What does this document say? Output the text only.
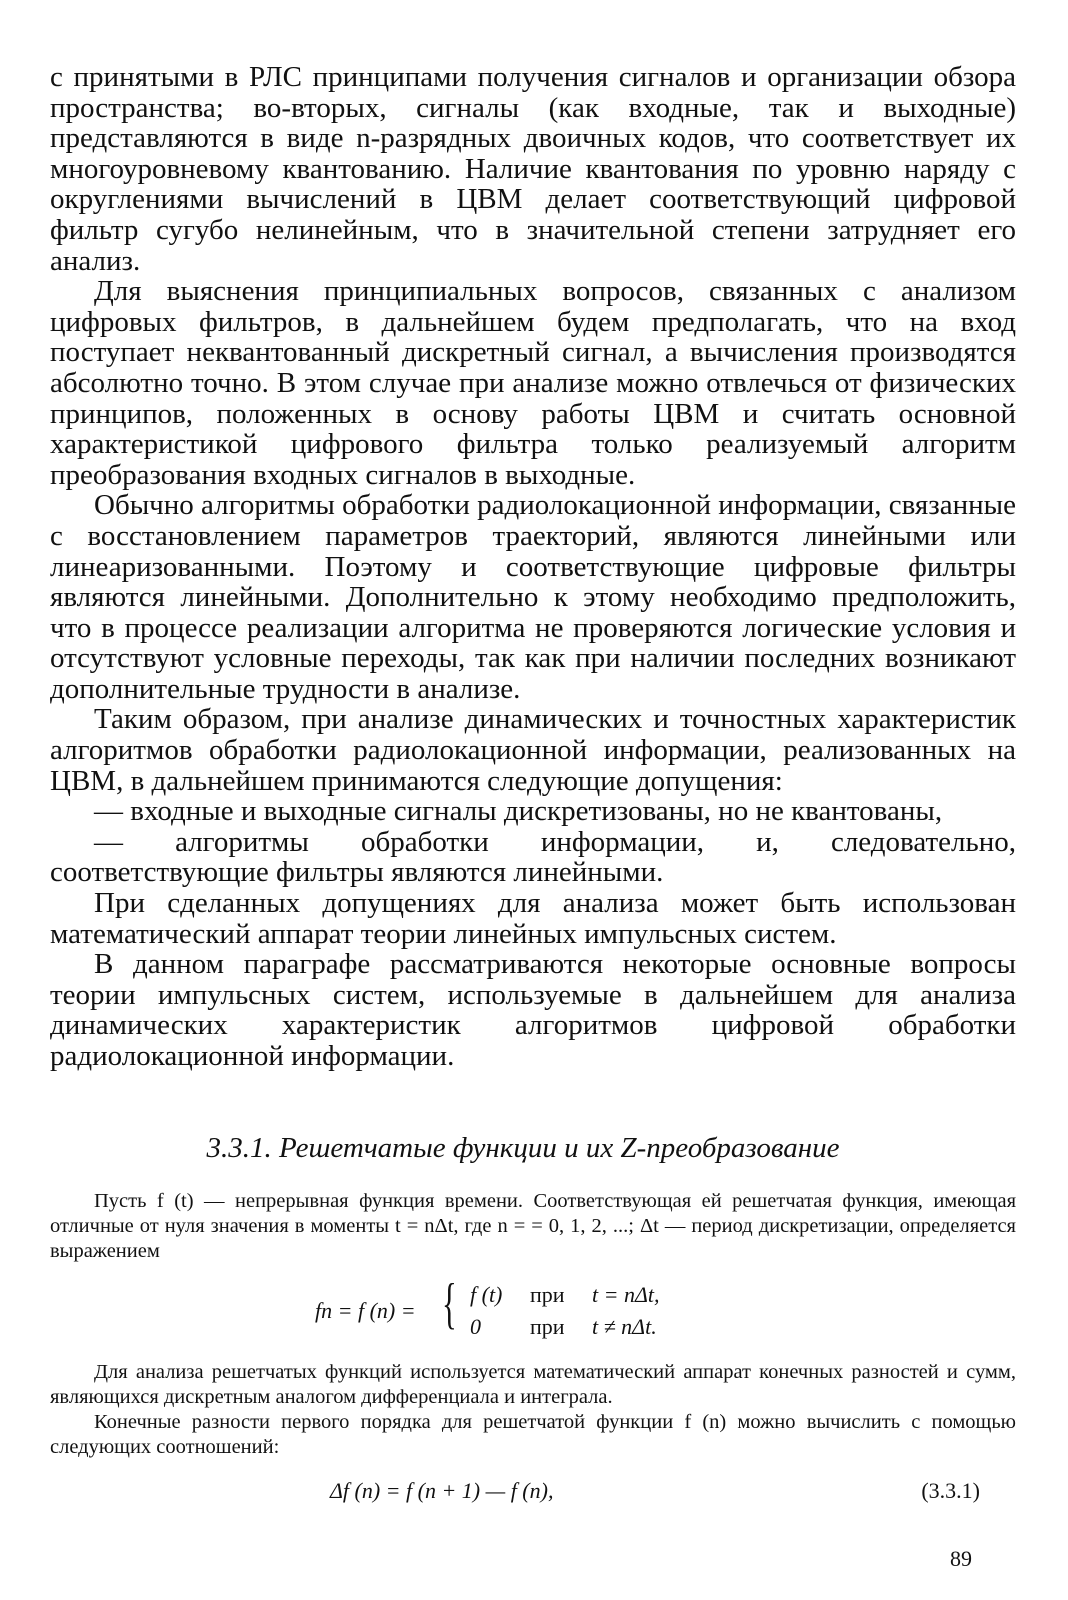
с принятыми в РЛС принципами получения сигналов и организации обзора пространства; во-вторых, сигналы (как входные, так и выходные) представляются в виде n-разрядных двоичных кодов, что соответствует их многоуровневому квантованию. Наличие квантования по уровню наряду с округлениями вычислений в ЦВМ делает соответствующий цифровой фильтр сугубо нелинейным, что в значительной степени затрудняет его анализ.

Для выяснения принципиальных вопросов, связанных с анализом цифровых фильтров, в дальнейшем будем предполагать, что на вход поступает неквантованный дискретный сигнал, а вычисления производятся абсолютно точно. В этом случае при анализе можно отвлечься от физических принципов, положенных в основу работы ЦВМ и считать основной характеристикой цифрового фильтра только реализуемый алгоритм преобразования входных сигналов в выходные.

Обычно алгоритмы обработки радиолокационной информации, связанные с восстановлением параметров траекторий, являются линейными или линеаризованными. Поэтому и соответствующие цифровые фильтры являются линейными. Дополнительно к этому необходимо предположить, что в процессе реализации алгоритма не проверяются логические условия и отсутствуют условные переходы, так как при наличии последних возникают дополнительные трудности в анализе.

Таким образом, при анализе динамических и точностных характеристик алгоритмов обработки радиолокационной информации, реализованных на ЦВМ, в дальнейшем принимаются следующие допущения:

— входные и выходные сигналы дискретизованы, но не квантованы,

— алгоритмы обработки информации, и, следовательно, соответствующие фильтры являются линейными.

При сделанных допущениях для анализа может быть использован математический аппарат теории линейных импульсных систем.

В данном параграфе рассматриваются некоторые основные вопросы теории импульсных систем, используемые в дальнейшем для анализа динамических характеристик алгоритмов цифровой обработки радиолокационной информации.

3.3.1. Решетчатые функции и их Z-преобразование

Пусть f (t) — непрерывная функция времени. Соответствующая ей решетчатая функция, имеющая отличные от нуля значения в моменты t = nΔt, где n = = 0, 1, 2, ...; Δt — период дискретизации, определяется выражением

fn = f (n) = { f (t) при t = nΔt,
0 при t ≠ nΔt.

Для анализа решетчатых функций используется математический аппарат конечных разностей и сумм, являющихся дискретным аналогом дифференциала и интеграла.

Конечные разности первого порядка для решетчатой функции f (n) можно вычислить с помощью следующих соотношений:

Δf (n) = f (n + 1) — f (n),	(3.3.1)
89
